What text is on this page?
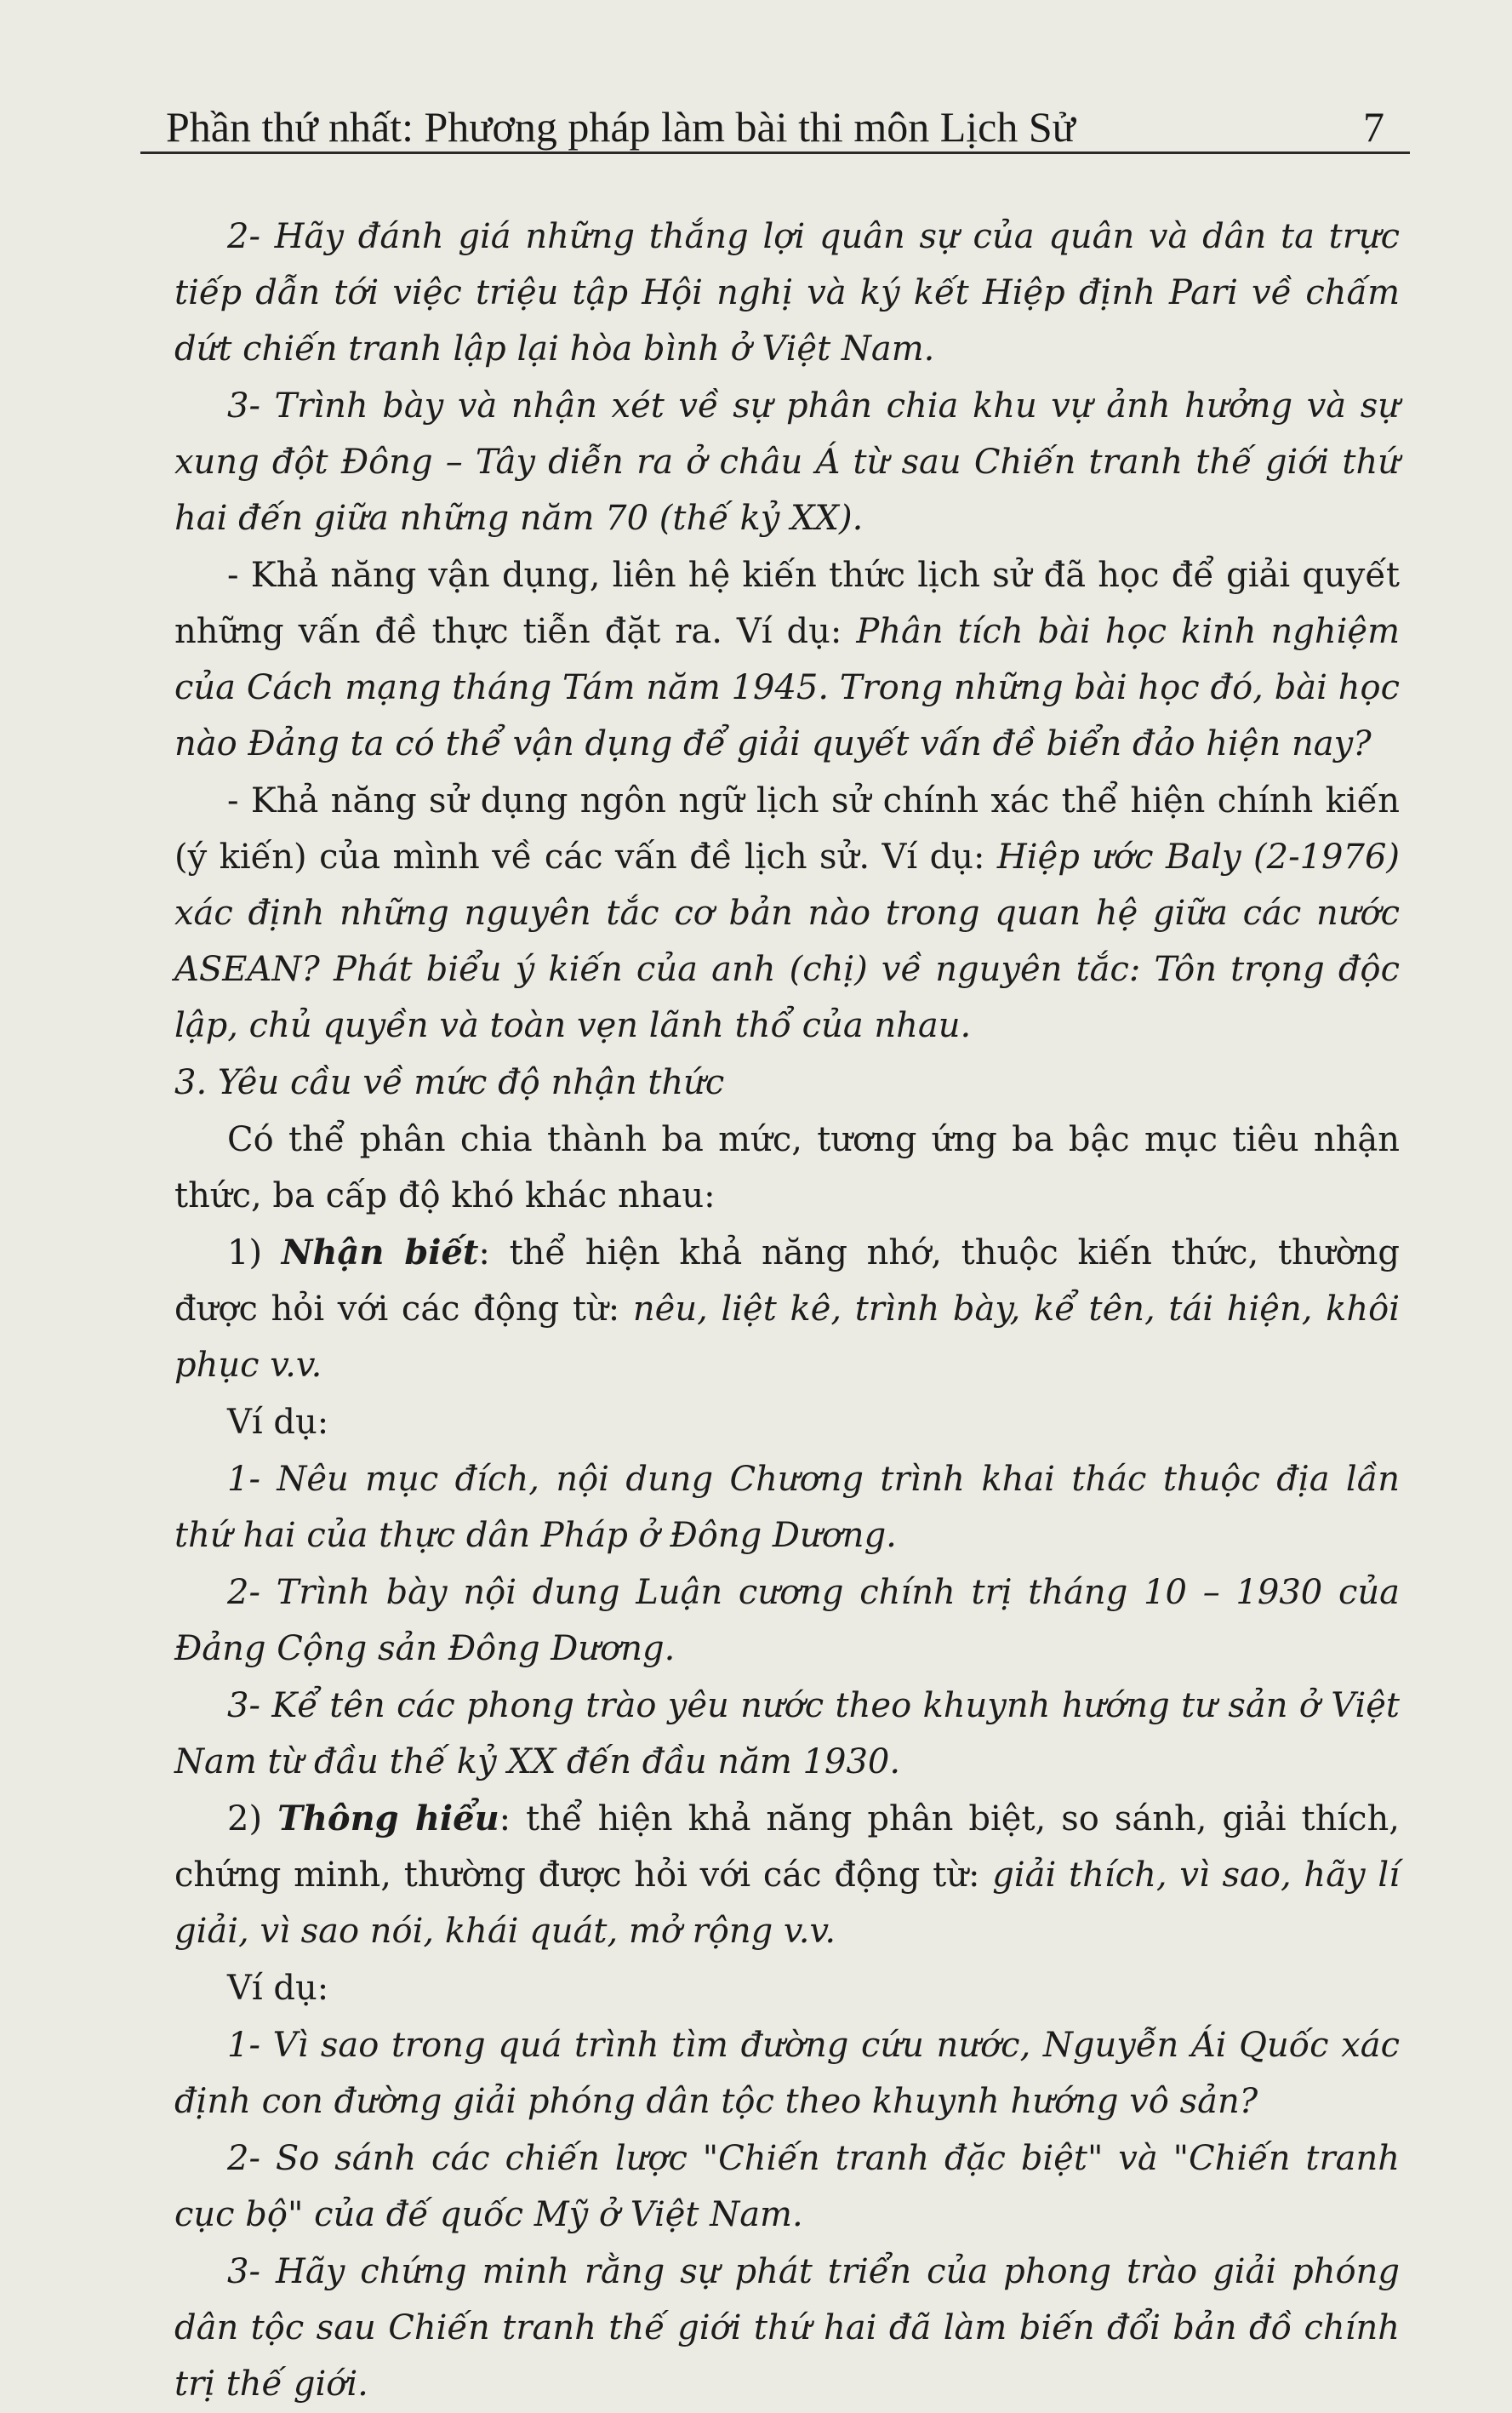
Phần thứ nhất: Phương pháp làm bài thi môn Lịch Sử	7

2- Hãy đánh giá những thắng lợi quân sự của quân và dân ta trực tiếp dẫn tới việc triệu tập Hội nghị và ký kết Hiệp định Pari về chấm dứt chiến tranh lập lại hòa bình ở Việt Nam.

3- Trình bày và nhận xét về sự phân chia khu vự ảnh hưởng và sự xung đột Đông – Tây diễn ra ở châu Á từ sau Chiến tranh thế giới thứ hai đến giữa những năm 70 (thế kỷ XX).

- Khả năng vận dụng, liên hệ kiến thức lịch sử đã học để giải quyết những vấn đề thực tiễn đặt ra. Ví dụ: Phân tích bài học kinh nghiệm của Cách mạng tháng Tám năm 1945. Trong những bài học đó, bài học nào Đảng ta có thể vận dụng để giải quyết vấn đề biển đảo hiện nay?

- Khả năng sử dụng ngôn ngữ lịch sử chính xác thể hiện chính kiến (ý kiến) của mình về các vấn đề lịch sử. Ví dụ: Hiệp ước Baly (2-1976) xác định những nguyên tắc cơ bản nào trong quan hệ giữa các nước ASEAN? Phát biểu ý kiến của anh (chị) về nguyên tắc: Tôn trọng độc lập, chủ quyền và toàn vẹn lãnh thổ của nhau.

3. Yêu cầu về mức độ nhận thức

Có thể phân chia thành ba mức, tương ứng ba bậc mục tiêu nhận thức, ba cấp độ khó khác nhau:

1) Nhận biết: thể hiện khả năng nhớ, thuộc kiến thức, thường được hỏi với các động từ: nêu, liệt kê, trình bày, kể tên, tái hiện, khôi phục v.v.

Ví dụ:

1- Nêu mục đích, nội dung Chương trình khai thác thuộc địa lần thứ hai của thực dân Pháp ở Đông Dương.

2- Trình bày nội dung Luận cương chính trị tháng 10 – 1930 của Đảng Cộng sản Đông Dương.

3- Kể tên các phong trào yêu nước theo khuynh hướng tư sản ở Việt Nam từ đầu thế kỷ XX đến đầu năm 1930.

2) Thông hiểu: thể hiện khả năng phân biệt, so sánh, giải thích, chứng minh, thường được hỏi với các động từ: giải thích, vì sao, hãy lí giải, vì sao nói, khái quát, mở rộng v.v.

Ví dụ:

1- Vì sao trong quá trình tìm đường cứu nước, Nguyễn Ái Quốc xác định con đường giải phóng dân tộc theo khuynh hướng vô sản?

2- So sánh các chiến lược "Chiến tranh đặc biệt" và "Chiến tranh cục bộ" của đế quốc Mỹ ở Việt Nam.

3- Hãy chứng minh rằng sự phát triển của phong trào giải phóng dân tộc sau Chiến tranh thế giới thứ hai đã làm biến đổi bản đồ chính trị thế giới.
